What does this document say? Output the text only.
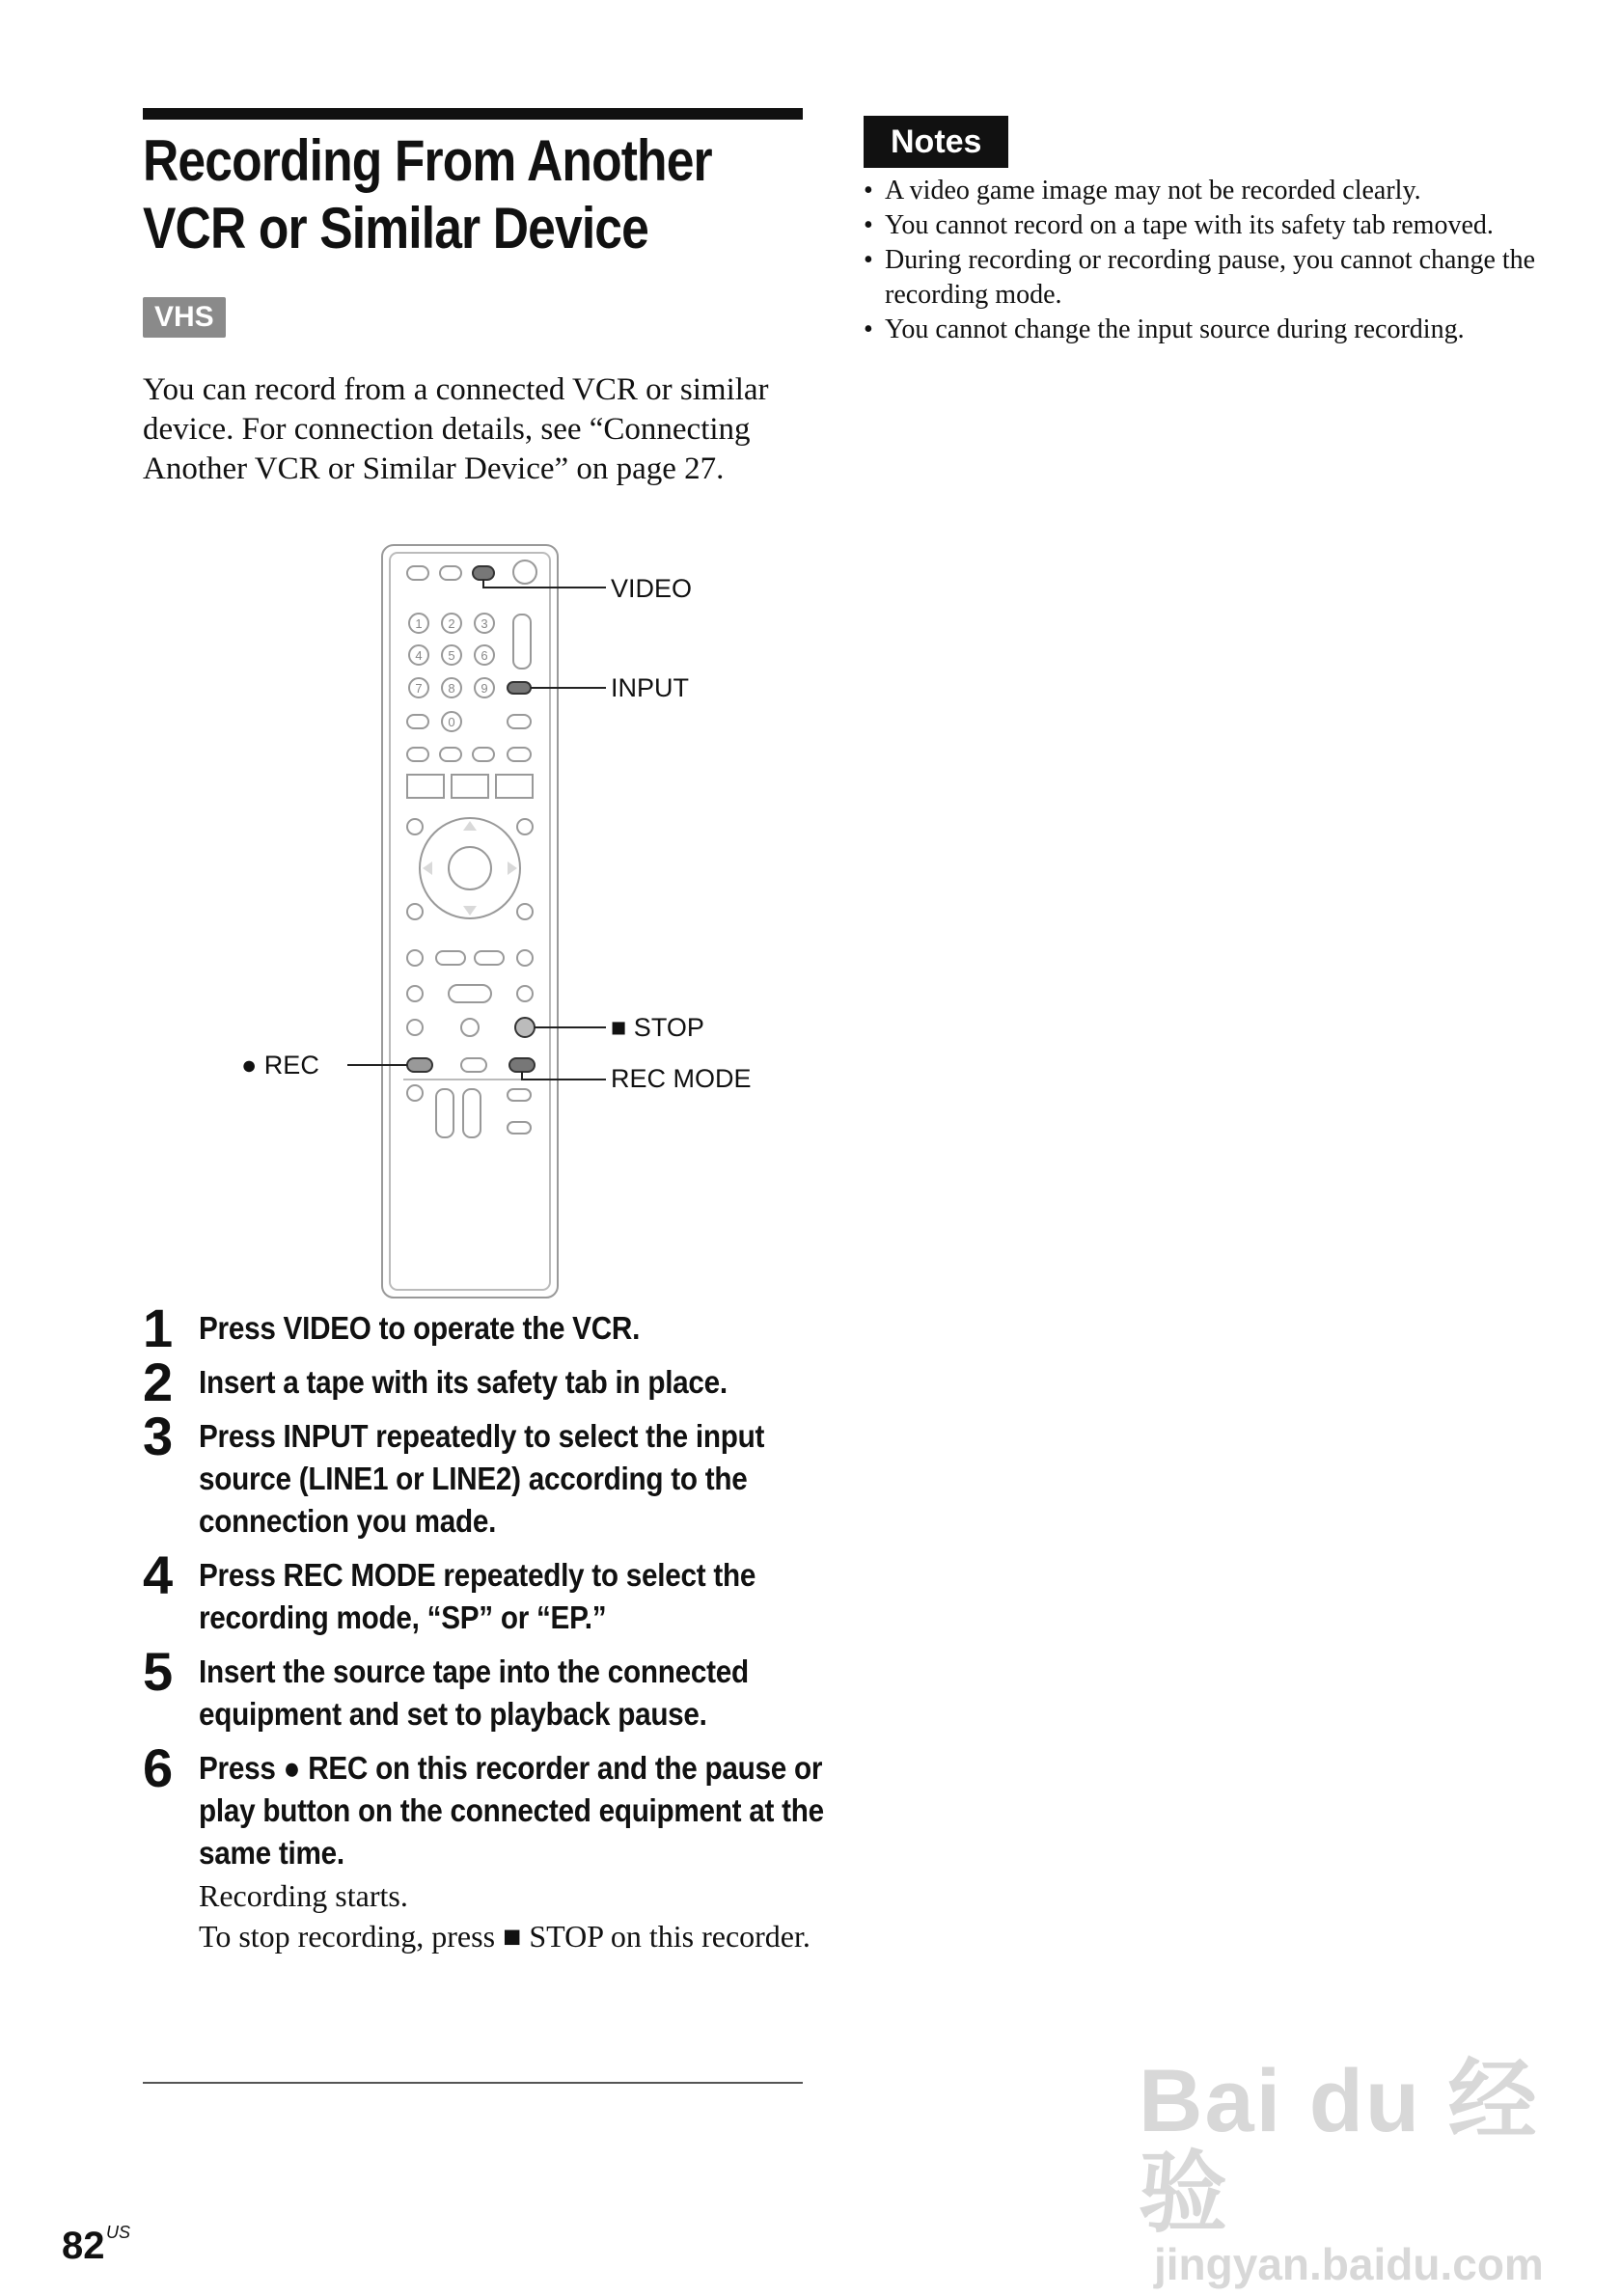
Recording From Another
VCR or Similar Device
VHS
You can record from a connected VCR or similar device. For connection details, see “Connecting Another VCR or Similar Device” on page 27.
1 2 3
4 5 6
7 8 9
0
VIDEO
INPUT
■ STOP
● REC	REC MODE
1 Press VIDEO to operate the VCR.
2 Insert a tape with its safety tab in place.
3 Press INPUT repeatedly to select the input source (LINE1 or LINE2) according to the connection you made.
4 Press REC MODE repeatedly to select the recording mode, “SP” or “EP.”
5 Insert the source tape into the connected equipment and set to playback pause.
6 Press ● REC on this recorder and the pause or play button on the connected equipment at the same time.
Recording starts.
To stop recording, press ■ STOP on this recorder.
82 US
Notes
• A video game image may not be recorded clearly.
• You cannot record on a tape with its safety tab removed.
• During recording or recording pause, you cannot change the recording mode.
• You cannot change the input source during recording.
Bai du 经验
jingyan.baidu.com
